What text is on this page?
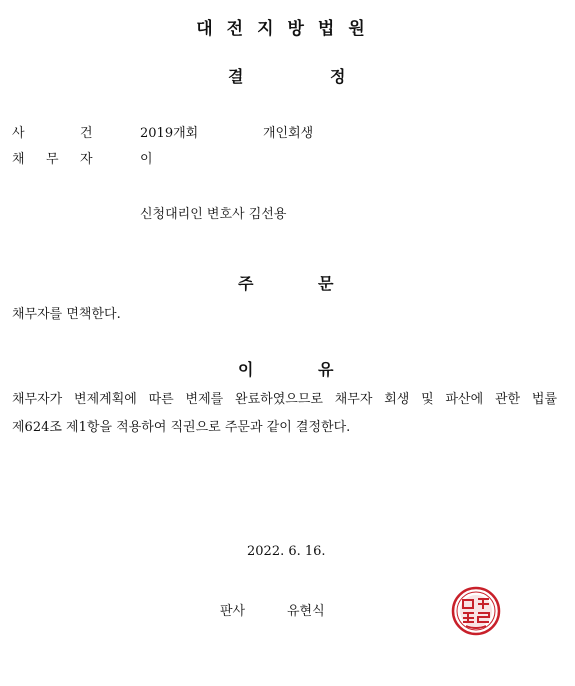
대전지방법원
결	정
사	건	2019개회	개인회생
채 무 자	이
신청대리인 변호사 김선용
주	문
채무자를 면책한다.
이	유
채무자가 변제계획에 따른 변제를 완료하였으므로 채무자 회생 및 파산에 관한 법률
제624조 제1항을 적용하여 직권으로 주문과 같이 결정한다.
2022. 6. 16.
판사	유현식
